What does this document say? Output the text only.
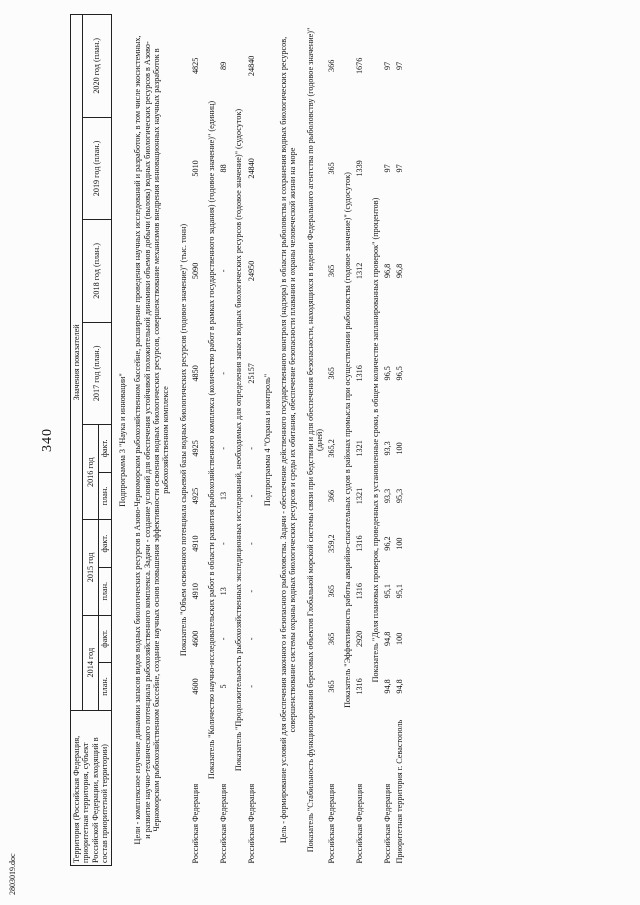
340
Территория (Российская Федерация, приоритетная территория, субъект Российской Федерации, входящий в состав приоритетной территории)	Значения показателей									
	2014 год		2015 год		2016 год		2017 год (план.)	2018 год (план.)	2019 год (план.)	2020 год (план.)
	план.	факт.	план.	факт.	план.	факт.				
Подпрограмма 3 "Наука и инновации"										
Цели - комплексное изучение динамики запасов видов водных биологических ресурсов в Азово-Черноморском рыбохозяйственном бассейне, расширение проведения научных исследований и разработок, в том числе экосистемных, и развитие научно-технического потенциала рыбохозяйственного комплекса. Задачи - создание условий для обеспечения устойчивой положительной динамики объемов добычи (вылова) водных биологических ресурсов в Азово-Черноморском рыбохозяйственном бассейне, создание научных основ повышения эффективности освоения водных биологических ресурсов, совершенствование механизмов внедрения инновационных научных разработок в рыбохозяйственном комплексе										
Показатель "Объем освоенного потенциала сырьевой базы водных биологических ресурсов (годовое значение)" (тыс. тонн)										
Российская Федерация	4600	4600	4910	4910	4925	4925	4850	5090	5010	4825
Показатель "Количество научно-исследовательских работ в области развития рыбохозяйственного комплекса (количество работ в рамках государственного задания) (годовое значение)" (единиц)										
Российская Федерация	5	-	13	-	13	-	-	-	88	89
Показатель "Продолжительность рыбохозяйственных экспедиционных исследований, необходимых для определения запаса водных биологических ресурсов (годовое значение)" (судосуток)										
Российская Федерация	-	-	-	-	-	-	25157	24950	24840	24840
Подпрограмма 4 "Охрана и контроль"										
Цель - формирование условий для обеспечения законного и безопасного рыболовства. Задачи - обеспечение действенного государственного контроля (надзора) в области рыболовства и сохранения водных биологических ресурсов, совершенствование системы охраны водных биологических ресурсов и среды их обитания, обеспечение безопасности плавания и охраны человеческой жизни на море										
Показатель "Стабильность функционирования береговых объектов Глобальной морской системы связи при бедствии и для обеспечения безопасности, находящихся в ведении Федерального агентства по рыболовству (годовое значение)" (дней)										
Российская Федерация	365	365	365	359,2	366	365,2	365	365	365	366
Показатель "Эффективность работы аварийно-спасательных судов в районах промысла при осуществлении рыболовства (годовое значение)" (судосуток)										
Российская Федерация	1316	2920	1316	1316	1321	1321	1316	1312	1339	1676
Показатель "Доля плановых проверок, проведенных в установленные сроки, в общем количестве запланированных проверок" (процентов)										
Российская Федерация	94,8	94,8	95,1	96,2	93,3	93,3	96,5	96,8	97	97
Приоритетная территория г. Севастополь	94,8	100	95,1	100	95,3	100	96,5	96,8	97	97
2803019.doc
